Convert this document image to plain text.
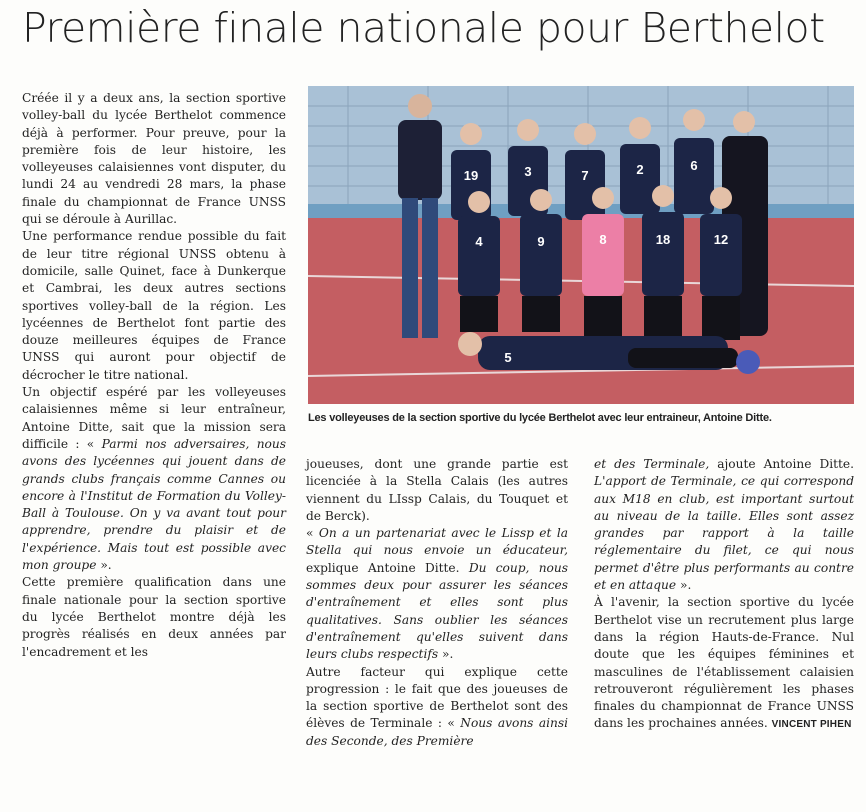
Première finale nationale pour Berthelot

Créée il y a deux ans, la section sportive volley-ball du lycée Berthelot commence déjà à performer. Pour preuve, pour la première fois de leur histoire, les volleyeuses calaisiennes vont disputer, du lundi 24 au vendredi 28 mars, la phase finale du championnat de France UNSS qui se déroule à Aurillac.

Une performance rendue possible du fait de leur titre régional UNSS obtenu à domicile, salle Quinet, face à Dunkerque et Cambrai, les deux autres sections sportives volley-ball de la région. Les lycéennes de Berthelot font partie des douze meilleures équipes de France UNSS qui auront pour objectif de décrocher le titre national.

Un objectif espéré par les volleyeuses calaisiennes même si leur entraîneur, Antoine Ditte, sait que la mission sera difficile : « Parmi nos adversaires, nous avons des lycéennes qui jouent dans de grands clubs français comme Cannes ou encore à l'Institut de Formation du Volley-Ball à Toulouse. On y va avant tout pour apprendre, prendre du plaisir et de l'expérience. Mais tout est possible avec mon groupe ».

Cette première qualification dans une finale nationale pour la section sportive du lycée Berthelot montre déjà les progrès réalisés en deux années par l'encadrement et les

19	3	7	2	6
4	9	8	18	12
5
Les volleyeuses de la section sportive du lycée Berthelot avec leur entraineur, Antoine Ditte.

joueuses, dont une grande partie est licenciée à la Stella Calais (les autres viennent du LIssp Calais, du Touquet et de Berck).

« On a un partenariat avec le Lissp et la Stella qui nous envoie un éducateur, explique Antoine Ditte. Du coup, nous sommes deux pour assurer les séances d'entraînement et elles sont plus qualitatives. Sans oublier les séances d'entraînement qu'elles suivent dans leurs clubs respectifs ».

Autre facteur qui explique cette progression : le fait que des joueuses de la section sportive de Berthelot sont des élèves de Terminale : « Nous avons ainsi des Seconde, des Première

et des Terminale, ajoute Antoine Ditte. L'apport de Terminale, ce qui correspond aux M18 en club, est important surtout au niveau de la taille. Elles sont assez grandes par rapport à la taille réglementaire du filet, ce qui nous permet d'être plus performants au contre et en attaque ».

À l'avenir, la section sportive du lycée Berthelot vise un recrutement plus large dans la région Hauts-de-France. Nul doute que les équipes féminines et masculines de l'établissement calaisien retrouveront régulièrement les phases finales du championnat de France UNSS dans les prochaines années. VINCENT PIHEN
